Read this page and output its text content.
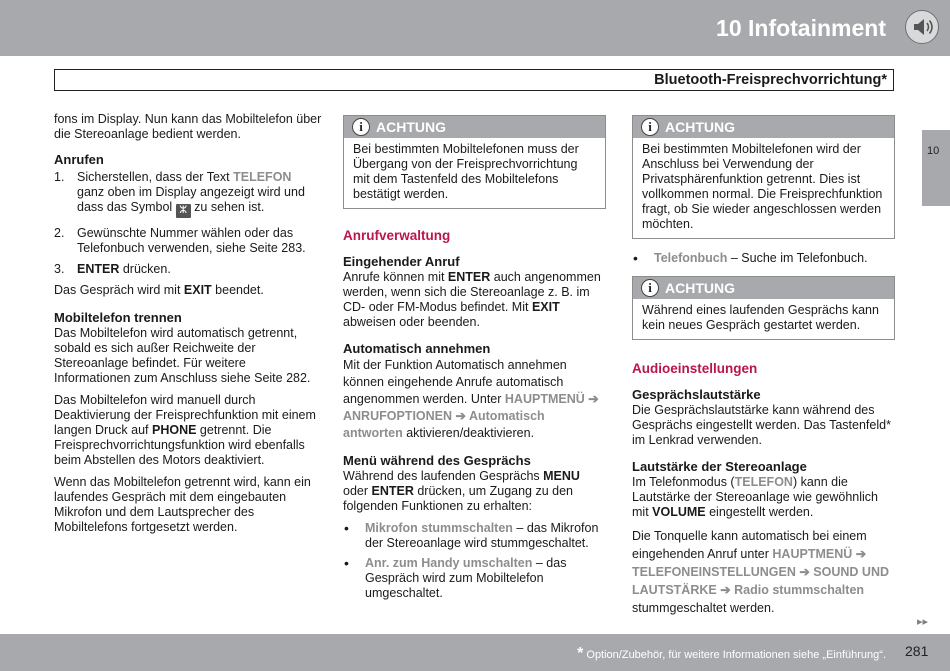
10 Infotainment
Bluetooth-Freisprechvorrichtung*
10

fons im Display. Nun kann das Mobiltelefon über die Stereoanlage bedient werden.

Anrufen
1. Sicherstellen, dass der Text TELEFON ganz oben im Display angezeigt wird und dass das Symbol ⵣ zu sehen ist.
2. Gewünschte Nummer wählen oder das Telefonbuch verwenden, siehe Seite 283.
3. ENTER drücken.

Das Gespräch wird mit EXIT beendet.

Mobiltelefon trennen

Das Mobiltelefon wird automatisch getrennt, sobald es sich außer Reichweite der Stereoanlage befindet. Für weitere Informationen zum Anschluss siehe Seite 282.

Das Mobiltelefon wird manuell durch Deaktivierung der Freisprechfunktion mit einem langen Druck auf PHONE getrennt. Die Freisprechvorrichtungsfunktion wird ebenfalls beim Abstellen des Motors deaktiviert.

Wenn das Mobiltelefon getrennt wird, kann ein laufendes Gespräch mit dem eingebauten Mikrofon und dem Lautsprecher des Mobiltelefons fortgesetzt werden.

i ACHTUNG
Bei bestimmten Mobiltelefonen muss der Übergang von der Freisprechvorrichtung mit dem Tastenfeld des Mobiltelefons bestätigt werden.
Anrufverwaltung
Eingehender Anruf

Anrufe können mit ENTER auch angenommen werden, wenn sich die Stereoanlage z. B. im CD- oder FM-Modus befindet. Mit EXIT abweisen oder beenden.

Automatisch annehmen

Mit der Funktion Automatisch annehmen können eingehende Anrufe automatisch angenommen werden. Unter HAUPTMENÜ ➔ ANRUFOPTIONEN ➔ Automatisch antworten aktivieren/deaktivieren.

Menü während des Gesprächs

Während des laufenden Gesprächs MENU oder ENTER drücken, um Zugang zu den folgenden Funktionen zu erhalten:

• Mikrofon stummschalten – das Mikrofon der Stereoanlage wird stummgeschaltet.
• Anr. zum Handy umschalten – das Gespräch wird zum Mobiltelefon umgeschaltet.
i ACHTUNG
Bei bestimmten Mobiltelefonen wird der Anschluss bei Verwendung der Privatsphärenfunktion getrennt. Dies ist vollkommen normal. Die Freisprechfunktion fragt, ob Sie wieder angeschlossen werden möchten.
• Telefonbuch – Suche im Telefonbuch.
i ACHTUNG
Während eines laufenden Gesprächs kann kein neues Gespräch gestartet werden.
Audioeinstellungen
Gesprächslautstärke

Die Gesprächslautstärke kann während des Gesprächs eingestellt werden. Das Tastenfeld* im Lenkrad verwenden.

Lautstärke der Stereoanlage

Im Telefonmodus (TELEFON) kann die Lautstärke der Stereoanlage wie gewöhnlich mit VOLUME eingestellt werden.

Die Tonquelle kann automatisch bei einem eingehenden Anruf unter HAUPTMENÜ ➔ TELEFONEINSTELLUNGEN ➔ SOUND UND LAUTSTÄRKE ➔ Radio stummschalten stummgeschaltet werden.

▸▸
* Option/Zubehör, für weitere Informationen siehe „Einführung“. 281
